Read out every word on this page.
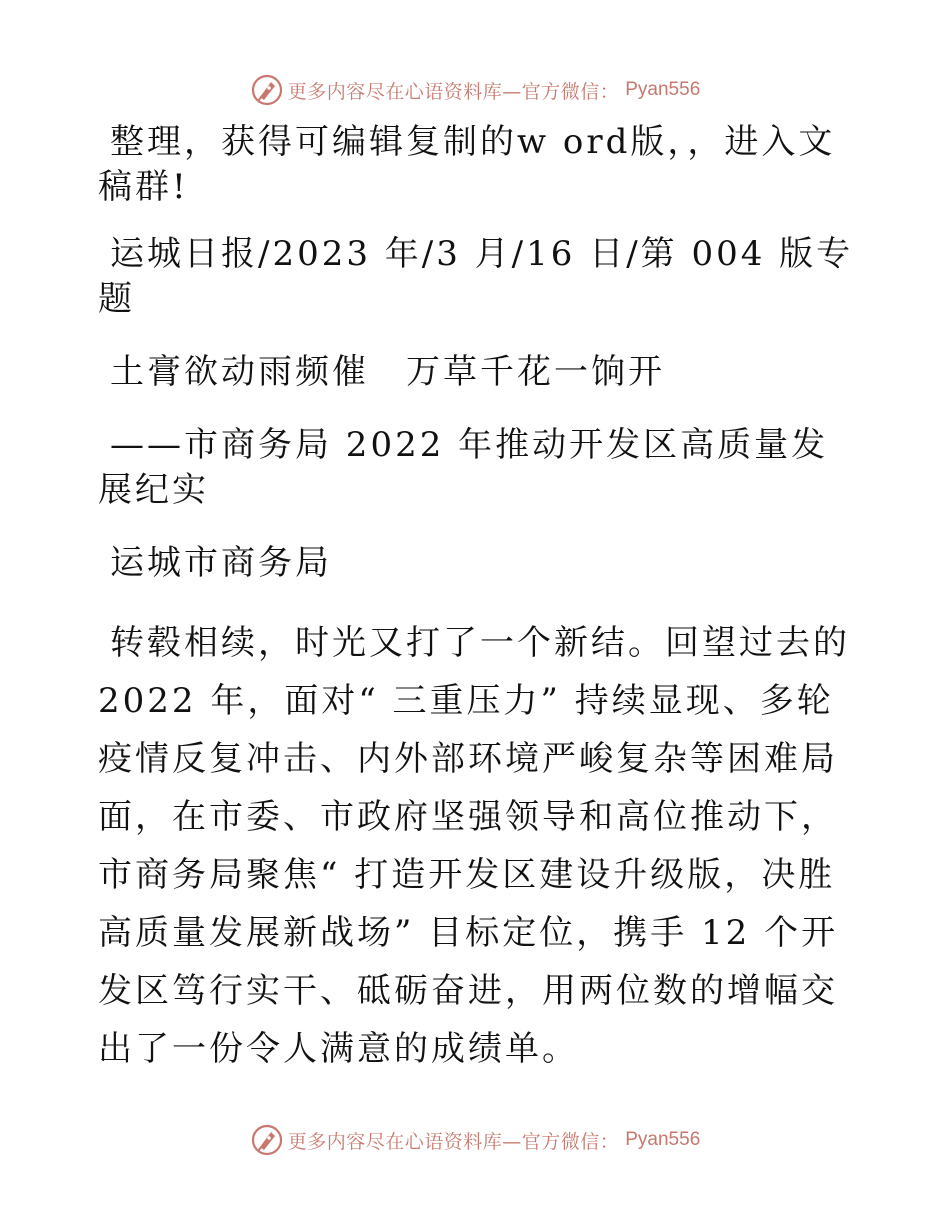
更多内容尽在心语资料库—官方微信： Pyan556

整理，获得可编辑复制的w ord版，，进入文稿群!

运城日报/2023 年/3 月/16 日/第 004 版专题

土膏欲动雨频催　万草千花一饷开

——市商务局 2022 年推动开发区高质量发展纪实

运城市商务局

转毂相续，时光又打了一个新结。回望过去的 2022 年，面对“ 三重压力” 持续显现、多轮疫情反复冲击、内外部环境严峻复杂等困难局面，在市委、市政府坚强领导和高位推动下，市商务局聚焦“ 打造开发区建设升级版，决胜高质量发展新战场” 目标定位，携手 12 个开发区笃行实干、砥砺奋进，用两位数的增幅交出了一份令人满意的成绩单。

更多内容尽在心语资料库—官方微信： Pyan556
